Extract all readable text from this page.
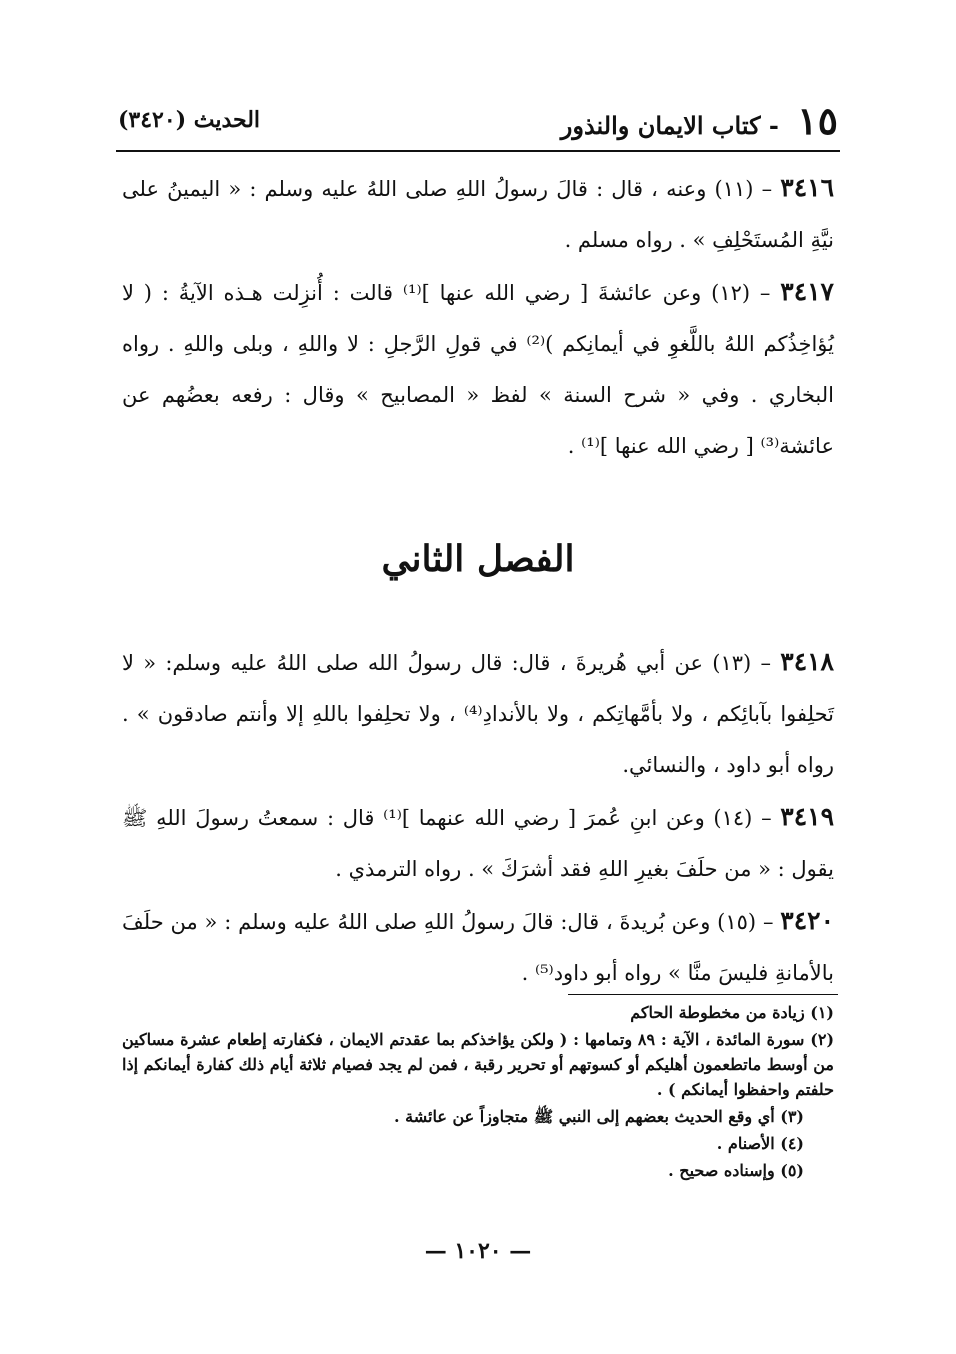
١٥ - كتاب الايمان والنذور
الحديث (٣٤٢٠)
٣٤١٦ – (١١) وعنه ، قال : قالَ رسولُ اللهِ صلى اللهُ عليه وسلم : « اليمينُ على نيَّةِ المُستَحْلِفِ » . رواه مسلم .
٣٤١٧ – (١٢) وعن عائشةَ [ رضي الله عنها ]⁽¹⁾ قالت : أُنزِلت هـذه الآيةُ : ( لا يُؤاخِذُكم اللهُ باللَّغوِ في أيمانِكم )⁽²⁾ في قولِ الرَّجلِ : لا واللهِ ، وبلى واللهِ . رواه البخاري . وفي « شرح السنة » لفظ « المصابيح » وقال : رفعه بعضُهم عن عائشة⁽³⁾ [ رضي الله عنها ]⁽¹⁾ .
الفصل الثاني
٣٤١٨ – (١٣) عن أبي هُريرةَ ، قال: قال رسولُ الله صلى اللهُ عليه وسلم: « لا تَحلِفوا بآبائِكم ، ولا بأمَّهاتِكم ، ولا بالأندادِ⁽⁴⁾ ، ولا تحلِفوا باللهِ إلا وأنتم صادقون » . رواه أبو داود ، والنسائي.
٣٤١٩ – (١٤) وعن ابنِ عُمرَ [ رضي الله عنهما ]⁽¹⁾ قال : سمعتُ رسولَ اللهِ ﷺ يقول : « من حلَفَ بغيرِ اللهِ فقد أشرَكَ » . رواه الترمذي .
٣٤٢٠ – (١٥) وعن بُريدةَ ، قال: قالَ رسولُ اللهِ صلى اللهُ عليه وسلم : « من حلَفَ بالأمانةِ فليسَ منَّا » رواه أبو داود⁽⁵⁾ .
(١) زيادة من مخطوطة الحاكم
(٢) سورة المائدة ، الآية : ٨٩ وتمامها : ( ولكن يؤاخذكم بما عقدتم الايمان ، فكفارته إطعام عشرة مساكين من أوسط ماتطعمون أهليكم أو كسوتهم أو تحرير رقبة ، فمن لم يجد فصيام ثلاثة أيام ذلك كفارة أيمانكم إذا حلفتم واحفظوا أيمانكم ) .
(٣) أي وقع الحديث بعضهم إلى النبي ﷺ متجاوزاً عن عائشة .
(٤) الأصنام .
(٥) وإسناده صحيح .
— ١٠٢٠ —
